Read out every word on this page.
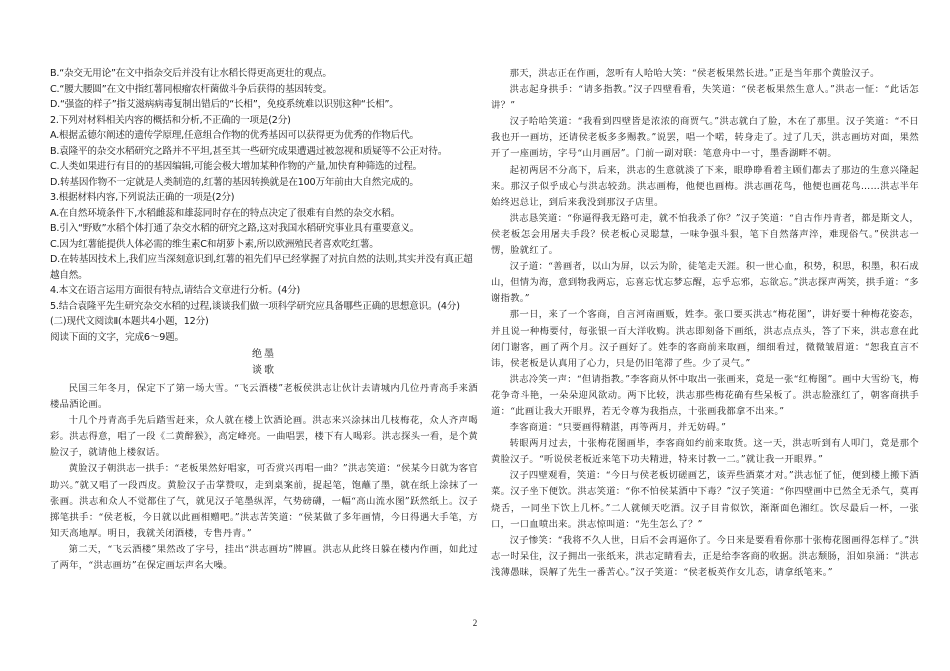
B.“杂交无用论”在文中指杂交后并没有让水稻长得更高更壮的观点。

C.“腰大腰圆”在文中指红薯同根瘤农杆菌做斗争后获得的基因转变。

D.“强盗的样子”指艾滋病病毒复制出错后的“长相”，免疫系统难以识别这种“长相”。

2.下列对材料相关内容的概括和分析,不正确的一项是(2分)

A.根据孟德尔阐述的遗传学原理,任意组合作物的优秀基因可以获得更为优秀的作物后代。

B.袁隆平的杂交水稻研究之路并不平坦,甚至其一些研究成果遭遇过被忽视和质疑等不公正对待。

C.人类如果进行有目的的基因编辑,可能会极大增加某种作物的产量,加快育种筛选的过程。

D.转基因作物不一定就是人类制造的,红薯的基因转换就是在100万年前由大自然完成的。

3.根据材料内容,下列说法正确的一项是(2分)

A.在自然环境条件下,水稻雌蕊和雄蕊同时存在的特点决定了很难有自然的杂交水稻。

B.引入“野败”水稻个体打通了杂交水稻的研究之路,这对我国水稻研究事业具有重要意义。

C.因为红薯能提供人体必需的维生素C和胡萝卜素,所以欧洲殖民者喜欢吃红薯。

D.在转基因技术上,我们应当深刻意识到,红薯的祖先们早已经掌握了对抗自然的法则,其实并没有真正超越自然。

4.本文在语言运用方面很有特点,请结合文章进行分析。(4分)

5.结合袁隆平先生研究杂交水稻的过程,谈谈我们做一项科学研究应具备哪些正确的思想意识。(4分)

(二)现代文阅读Ⅱ(本题共4小题，12分)

阅读下面的文字，完成6～9题。

绝墨
谈歌

民国三年冬月，保定下了第一场大雪。“飞云酒楼”老板侯洪志让伙计去请城内几位丹青高手来酒楼品酒论画。

十几个丹青高手先后踏雪赶来，众人就在楼上饮酒论画。洪志来兴涂抹出几枝梅花，众人齐声喝彩。洪志得意，唱了一段《二黄醉猴》，高定峰亮。一曲唱罢，楼下有人喝彩。洪志探头一看，是个黄脸汉子，就请他上楼叙话。

黄脸汉子朝洪志一拱手：“老板果然好唱家，可否赏兴再唱一曲？”洪志笑道：“侯某今日就为客官助兴。”就又唱了一段西皮。黄脸汉子击掌赞叹，走到桌案前，捉起笔，饱蘸了墨，就在纸上涂抹了一张画。洪志和众人不觉都住了气，就见汉子笔墨纵浑，气势磅礴，一幅“高山流水图”跃然纸上。汉子掷笔拱手：“侯老板，今日就以此画相赠吧。”洪志苦笑道：“侯某做了多年画情，今日得遇大手笔，方知天高地厚。明日，我就关闭酒楼，专售丹青。”

第二天，“飞云酒楼”果然改了字号，挂出“洪志画坊”牌匾。洪志从此终日躲在楼内作画，如此过了两年，“洪志画坊”在保定画坛声名大噪。

那天，洪志正在作画，忽听有人哈哈大笑：“侯老板果然长进。”正是当年那个黄脸汉子。

洪志起身拱手：“请多指教。”汉子四壁看看，失笑道：“侯老板果然生意人。”洪志一怔：“此话怎讲？”

汉子哈哈笑道：“我看到四壁皆是浓浓的商贾气。”洪志就白了脸，木在了那里。汉子笑道：“不日我也开一画坊，还请侯老板多多赐教。”说罢，唱一个喏，转身走了。过了几天，洪志画坊对面，果然开了一座画坊，字号“山月画居”。门前一副对联：笔意舟中一寸，墨香湖畔不朝。

起初两居不分高下，后来，洪志的生意就淡了下来，眼睁睁看着主顾们都去了那边的生意兴隆起来。那汉子似乎成心与洪志较劲。洪志画梅，他便也画梅。洪志画花鸟，他便也画花鸟……洪志半年始终迟总让，到后来我没到那汉子店里。

洪志恳笑道：“你逼得我无路可走，就不怕我杀了你？”汉子笑道：“自古作丹青者，都是斯文人，侯老板怎会用屠夫手段？侯老板心灵聪慧，一味争强斗狠，笔下自然落声淬，难现俗气。”侯洪志一愣，脸就红了。

汉子道：“善画者，以山为屏，以云为阶，徒笔走天涯。积一世心血，积势，积思，积墨，积石成山，但情为海，意到物我两忘，忘喜忘忧忘梦忘醒，忘乎忘邪，忘欲忘。”洪志探声两笑，拱手道：“多谢指教。”

那一日，来了一个客商，自言河南画贩，姓李。张口要买洪志“梅花图”，讲好要十种梅花姿态，并且说一种梅要付，每张银一百大洋收购。洪志即刻备下画纸，洪志点点头，答了下来，洪志意在此闭门谢客，画了两个月。汉子画好了。姓李的客商前来取画，细细看过，微微皱眉道：“恕我直言不讳，侯老板是认真用了心力，只是仍旧笔滞了些。少了灵气。”

洪志冷笑一声：“但请指教。”李客商从怀中取出一张画来，竟是一张“红梅图”。画中大雪纷飞，梅花争奇斗艳，一朵朵迎风欲动。两下比较，洪志那些梅花确有些呆板了。洪志脸涨红了，朝客商拱手道：“此画让我大开眼界，若无令尊为我指点，十张画我都拿不出来。”

李客商道：“只要画得精湛，再等两月，并无妨碍。”

转眼两月过去，十张梅花图画毕，李客商如约前来取货。这一天，洪志听到有人叩门，竟是那个黄脸汉子。“听说侯老板近来笔下功夫精进，特来讨教一二。”就让我一开眼界。”

汉子四壁观看，笑道：“今日与侯老板切磋画艺，该弄些酒菜才对。”洪志怔了怔，便到楼上搬下酒菜。汉子坐下便饮。洪志笑道：“你不怕侯某酒中下毒？”汉子笑道：“你四壁画中已然全无杀气，莫再烧舌，一同坐下饮上几杯。”二人就倾天吃酒。汉子目肯似饮，渐渐面色湘红。饮尽最后一杯，一张口，一口血喷出来。洪志惊叫道：“先生怎么了？”

汉子惨笑：“我将不久人世，日后不会再逼你了。今日来是要看看你那十张梅花图画得怎样了。”洪志一时呆住，汉子拥出一张纸来，洪志定睛看去，正是给李客商的收据。洪志颓肠，泪如泉涌：“洪志浅薄愚昧，误解了先生一番苦心。”汉子笑道：“侯老板英作女儿态，请拿纸笔来。”

2
